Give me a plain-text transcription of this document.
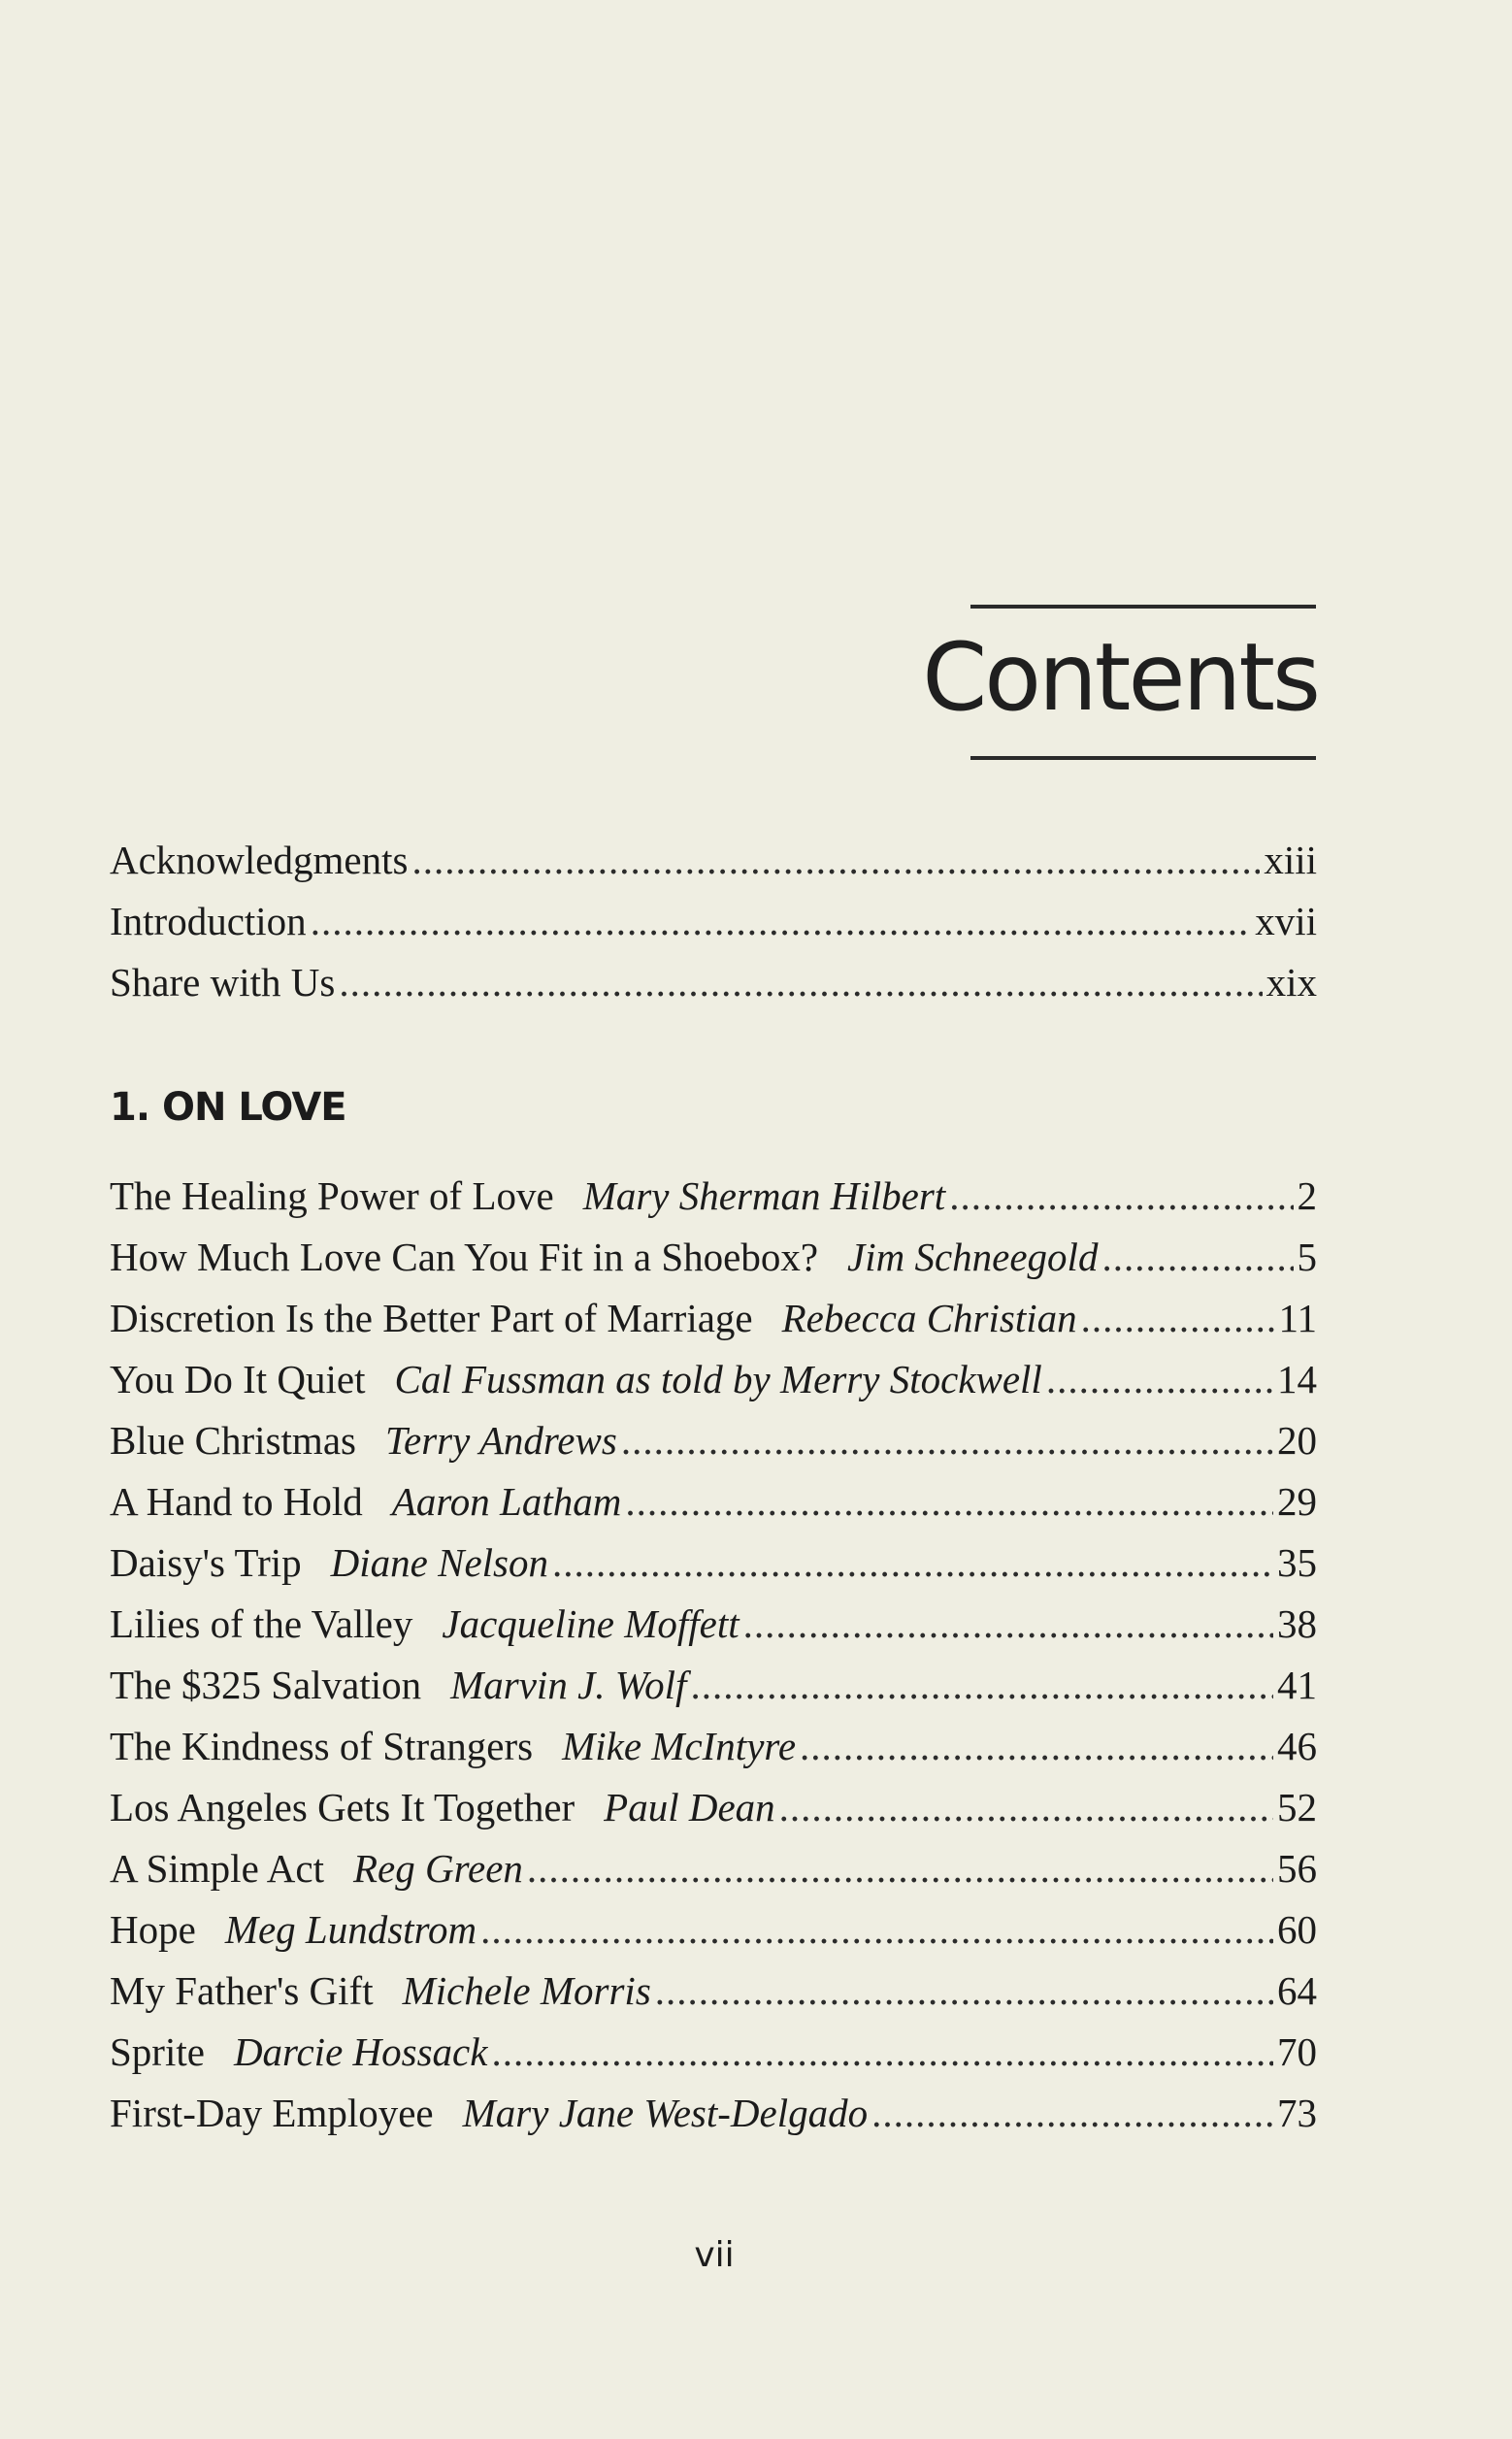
Contents
Acknowledgments .....	xiii
Introduction .....	xvii
Share with Us .....	xix
1. ON LOVE
The Healing Power of Love Mary Sherman Hilbert .....	2
How Much Love Can You Fit in a Shoebox? Jim Schneegold .....	5
Discretion Is the Better Part of Marriage Rebecca Christian .....	11
You Do It Quiet Cal Fussman as told by Merry Stockwell .....	14
Blue Christmas Terry Andrews .....	20
A Hand to Hold Aaron Latham .....	29
Daisy's Trip Diane Nelson .....	35
Lilies of the Valley Jacqueline Moffett .....	38
The $325 Salvation Marvin J. Wolf .....	41
The Kindness of Strangers Mike McIntyre .....	46
Los Angeles Gets It Together Paul Dean .....	52
A Simple Act Reg Green .....	56
Hope Meg Lundstrom .....	60
My Father's Gift Michele Morris .....	64
Sprite Darcie Hossack .....	70
First-Day Employee Mary Jane West-Delgado .....	73
vii
